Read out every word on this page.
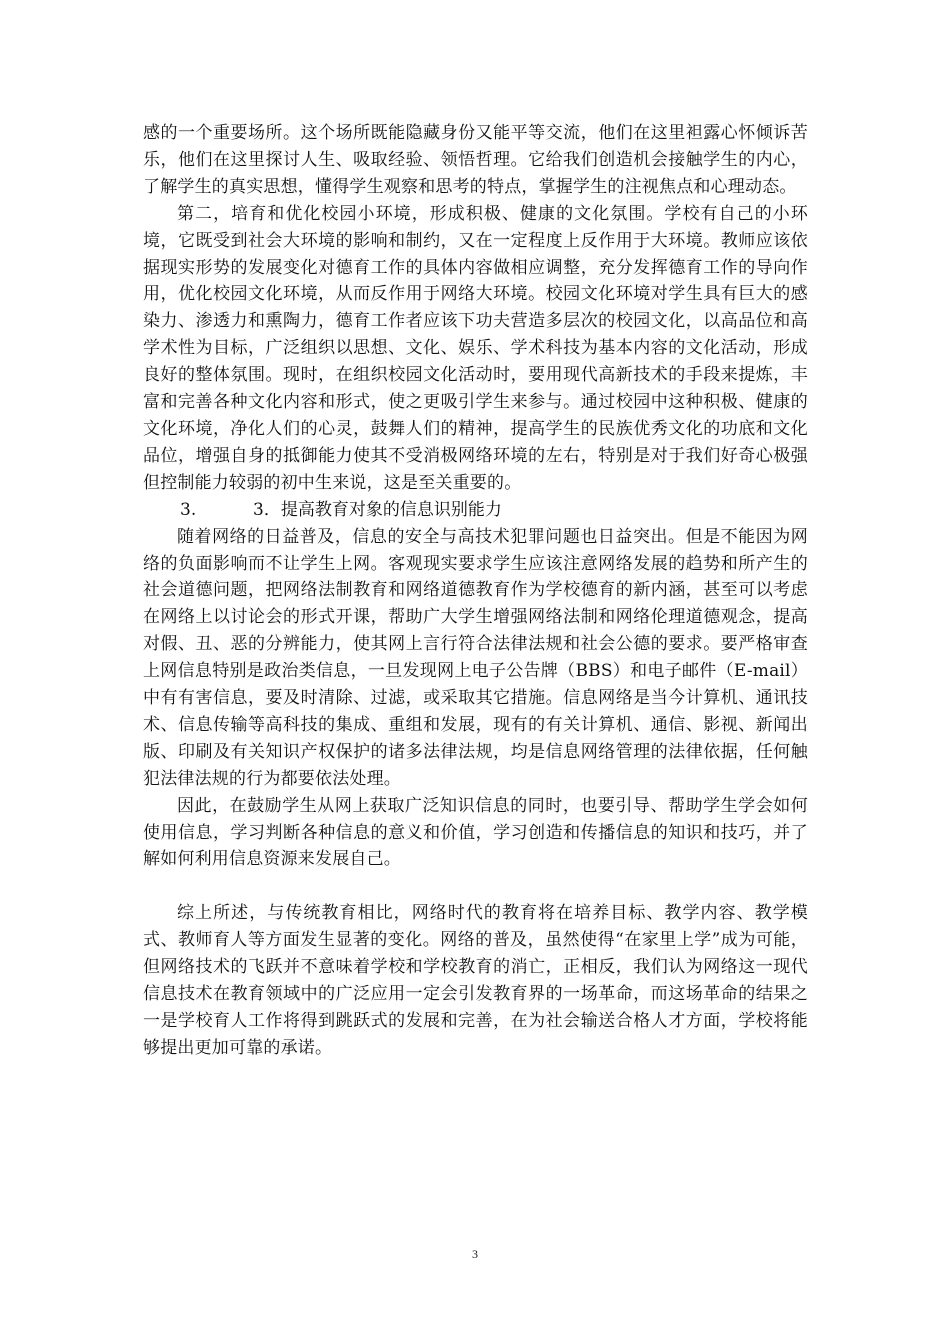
感的一个重要场所。这个场所既能隐藏身份又能平等交流，他们在这里袒露心怀倾诉苦乐，他们在这里探讨人生、吸取经验、领悟哲理。它给我们创造机会接触学生的内心，了解学生的真实思想，懂得学生观察和思考的特点，掌握学生的注视焦点和心理动态。

第二，培育和优化校园小环境，形成积极、健康的文化氛围。学校有自己的小环境，它既受到社会大环境的影响和制约，又在一定程度上反作用于大环境。教师应该依据现实形势的发展变化对德育工作的具体内容做相应调整，充分发挥德育工作的导向作用，优化校园文化环境，从而反作用于网络大环境。校园文化环境对学生具有巨大的感染力、渗透力和熏陶力，德育工作者应该下功夫营造多层次的校园文化，以高品位和高学术性为目标，广泛组织以思想、文化、娱乐、学术科技为基本内容的文化活动，形成良好的整体氛围。现时，在组织校园文化活动时，要用现代高新技术的手段来提炼，丰富和完善各种文化内容和形式，使之更吸引学生来参与。通过校园中这种积极、健康的文化环境，净化人们的心灵，鼓舞人们的精神，提高学生的民族优秀文化的功底和文化品位，增强自身的抵御能力使其不受消极网络环境的左右，特别是对于我们好奇心极强但控制能力较弱的初中生来说，这是至关重要的。

3.	3．提高教育对象的信息识别能力

随着网络的日益普及，信息的安全与高技术犯罪问题也日益突出。但是不能因为网络的负面影响而不让学生上网。客观现实要求学生应该注意网络发展的趋势和所产生的社会道德问题，把网络法制教育和网络道德教育作为学校德育的新内涵，甚至可以考虑在网络上以讨论会的形式开课，帮助广大学生增强网络法制和网络伦理道德观念，提高对假、丑、恶的分辨能力，使其网上言行符合法律法规和社会公德的要求。要严格审查上网信息特别是政治类信息，一旦发现网上电子公告牌（BBS）和电子邮件（E-mail）中有有害信息，要及时清除、过滤，或采取其它措施。信息网络是当今计算机、通讯技术、信息传输等高科技的集成、重组和发展，现有的有关计算机、通信、影视、新闻出版、印刷及有关知识产权保护的诸多法律法规，均是信息网络管理的法律依据，任何触犯法律法规的行为都要依法处理。

因此，在鼓励学生从网上获取广泛知识信息的同时，也要引导、帮助学生学会如何使用信息，学习判断各种信息的意义和价值，学习创造和传播信息的知识和技巧，并了解如何利用信息资源来发展自己。

综上所述，与传统教育相比，网络时代的教育将在培养目标、教学内容、教学模式、教师育人等方面发生显著的变化。网络的普及，虽然使得“在家里上学”成为可能，但网络技术的飞跃并不意味着学校和学校教育的消亡，正相反，我们认为网络这一现代信息技术在教育领域中的广泛应用一定会引发教育界的一场革命，而这场革命的结果之一是学校育人工作将得到跳跃式的发展和完善，在为社会输送合格人才方面，学校将能够提出更加可靠的承诺。

3
